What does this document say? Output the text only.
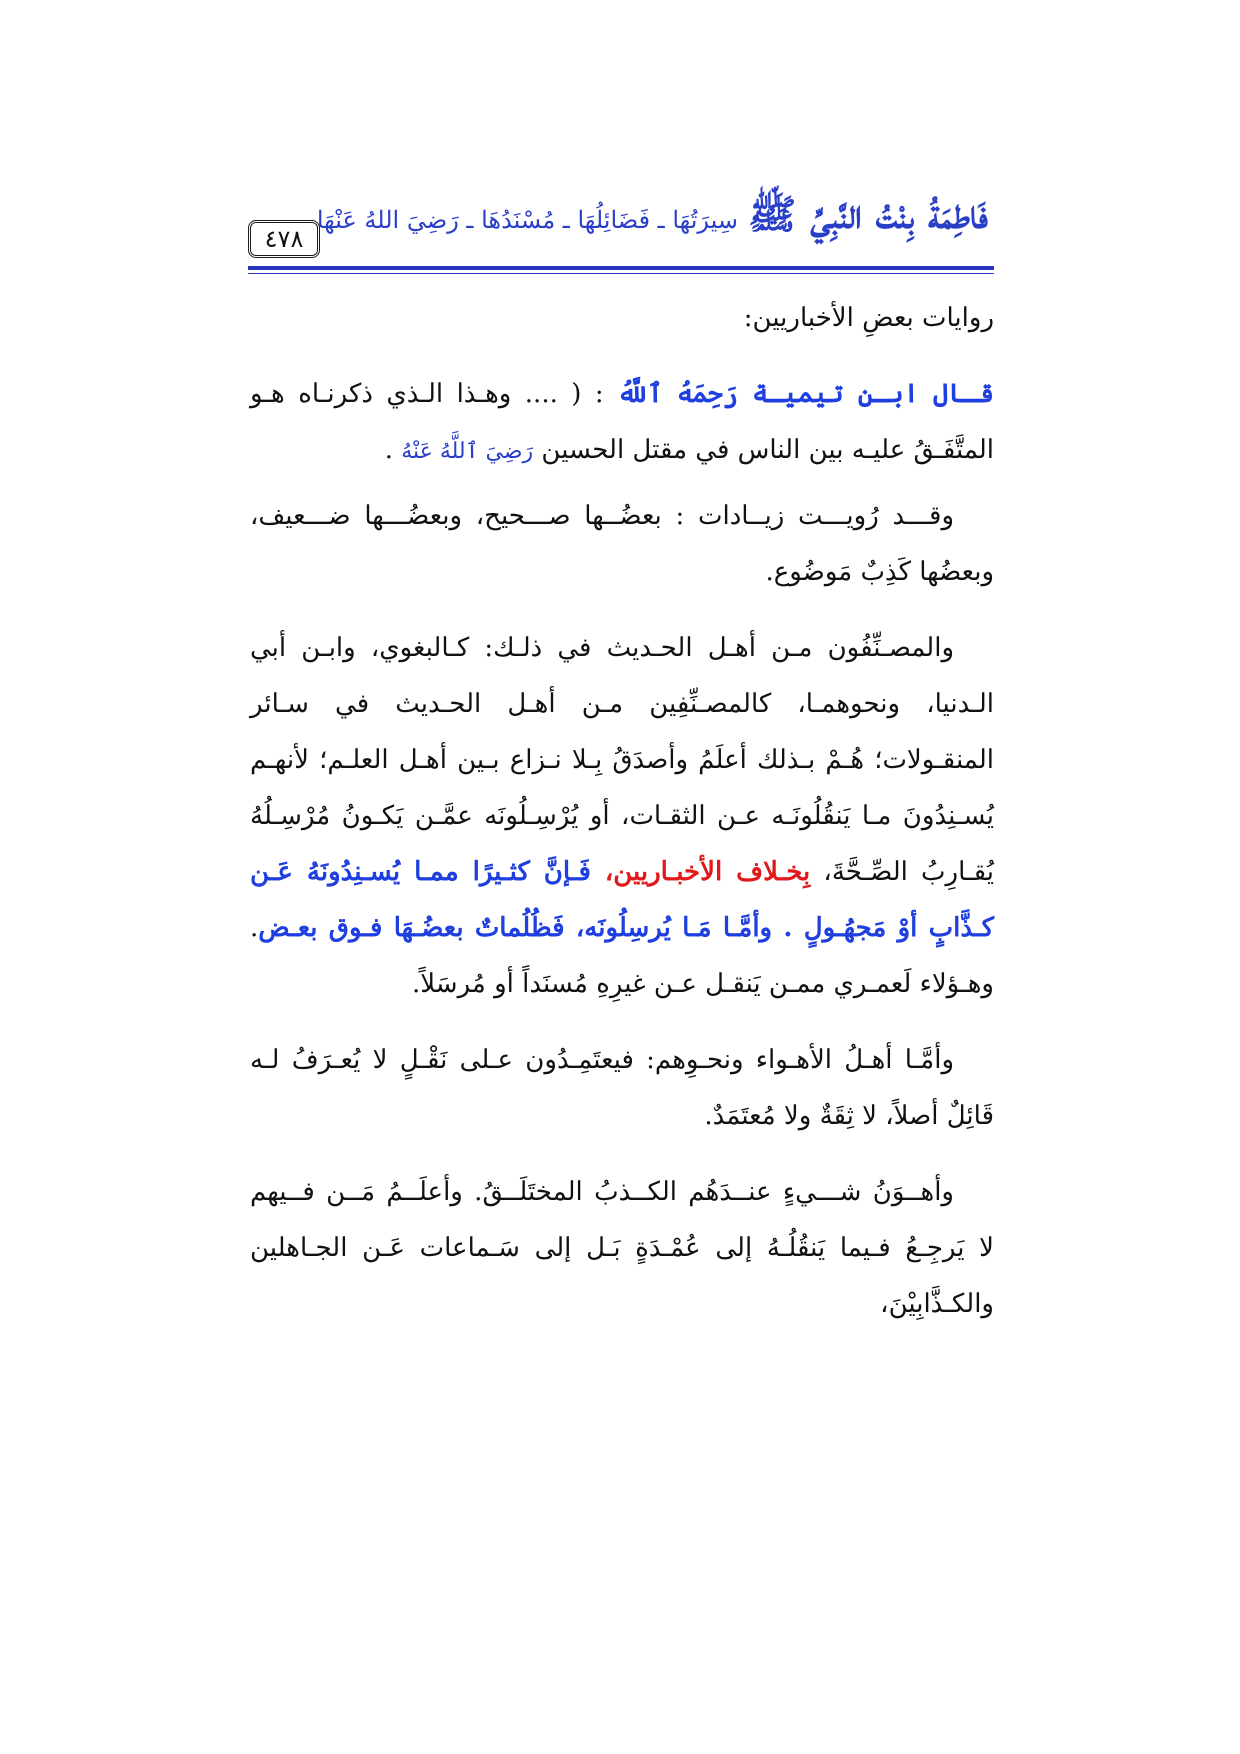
٤٧٨
فَاطِمَةُ بِنْتُ النَّبِيِّ ﷺ
سِيرَتُهَا ـ فَضَائِلُهَا ـ مُسْنَدُهَا ـ رَضِيَ اللهُ عَنْهَا

روايات بعضِ الأخباريين:

قـال ابـن تيميـة رَحِمَهُ ٱللَّهُ : ( .... وهـذا الـذي ذكرنـاه هـو المتَّفَـقُ عليـه بين الناس في مقتل الحسين رَضِيَ ٱللَّهُ عَنْهُ .

وقـــد رُويـــت زيــادات : بعضُــها صـــحيح، وبعضُـــها ضـــعيف، وبعضُها كَذِبٌ مَوضُوع.

والمصـنِّفُون مـن أهـل الحـديث في ذلـك: كـالبغوي، وابـن أبي الـدنيا، ونحوهمـا، كالمصـنِّفِين مـن أهـل الحـديث في سـائر المنقـولات؛ هُـمْ بـذلك أعلَمُ وأصدَقُ بِـلا نـزاع بـين أهـل العلـم؛ لأنهـم يُسـنِدُونَ مـا يَنقُلُونَـه عـن الثقـات، أو يُرْسِـلُونَه عمَّـن يَكـونُ مُرْسِـلُهُ يُقـارِبُ الصِّـحَّةَ، بِخـلاف الأخبـاريين، فَـإنَّ كثـيرًا ممـا يُسـنِدُونَهُ عَـن كـذَّابٍ أوْ مَجهُـولٍ . وأمَّـا مَـا يُرسِلُونَه، فَظُلُماتٌ بعضُـهَا فـوق بعـض. وهـؤلاء لَعمـري ممـن يَنقـل عـن غيرِهِ مُسنَداً أو مُرسَلاً.

وأمَّـا أهـلُ الأهـواء ونحـوِهم: فيعتَمِـدُون عـلى نَقْـلٍ لا يُعـرَفُ لـه قَائِلٌ أصلاً، لا ثِقَةٌ ولا مُعتَمَدٌ.

وأهــوَنُ شـــيءٍ عنــدَهُم الكــذبُ المختَلَــقُ. وأعلَــمُ مَــن فــيهم لا يَرجِـعُ فـيما يَنقُلُـهُ إلى عُمْـدَةٍ بَـل إلى سَـماعات عَـن الجـاهلين والكـذَّابِيْنَ،
